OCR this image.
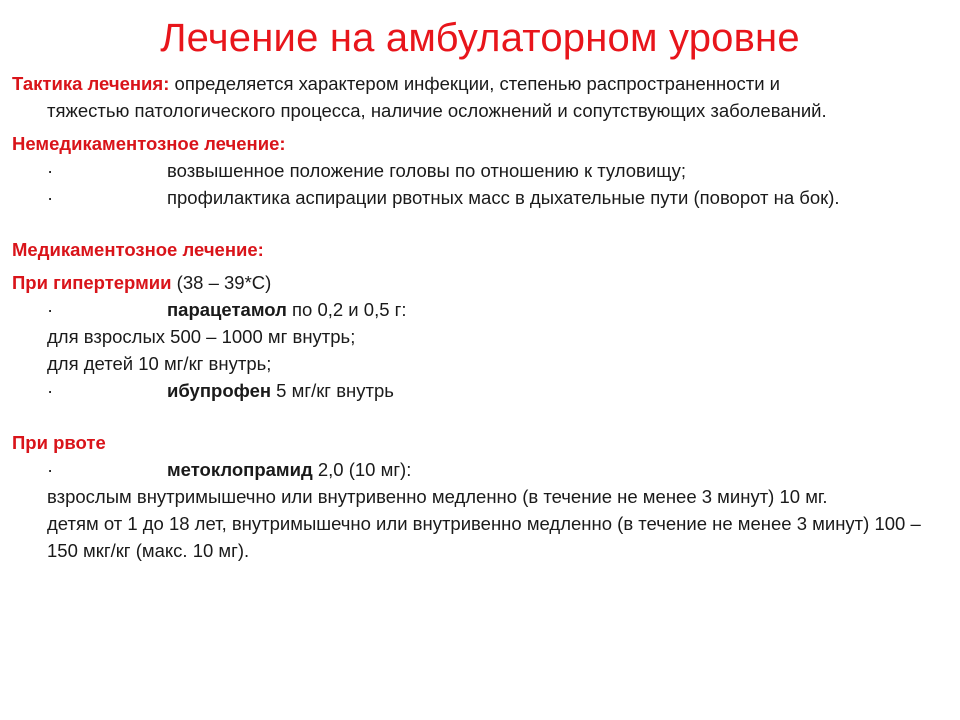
Лечение на амбулаторном уровне
Тактика лечения: определяется характером инфекции, степенью распространенности и
тяжестью патологического процесса, наличие осложнений и сопутствующих заболеваний.
Немедикаментозное лечение:
·	возвышенное положение головы по отношению к туловищу;
·	профилактика аспирации рвотных масс в дыхательные пути (поворот на бок).
Медикаментозное лечение:
При гипертермии (38 – 39*С)
·	парацетамол по 0,2 и 0,5 г:
для взрослых 500 – 1000 мг внутрь;
для детей 10 мг/кг внутрь;
·	ибупрофен 5 мг/кг внутрь
При рвоте
·	метоклопрамид 2,0 (10 мг):
взрослым внутримышечно или внутривенно медленно (в течение не менее 3 минут) 10 мг.
детям от 1 до 18 лет, внутримышечно или внутривенно медленно (в течение не менее 3 минут) 100 – 150 мкг/кг (макс. 10 мг).
